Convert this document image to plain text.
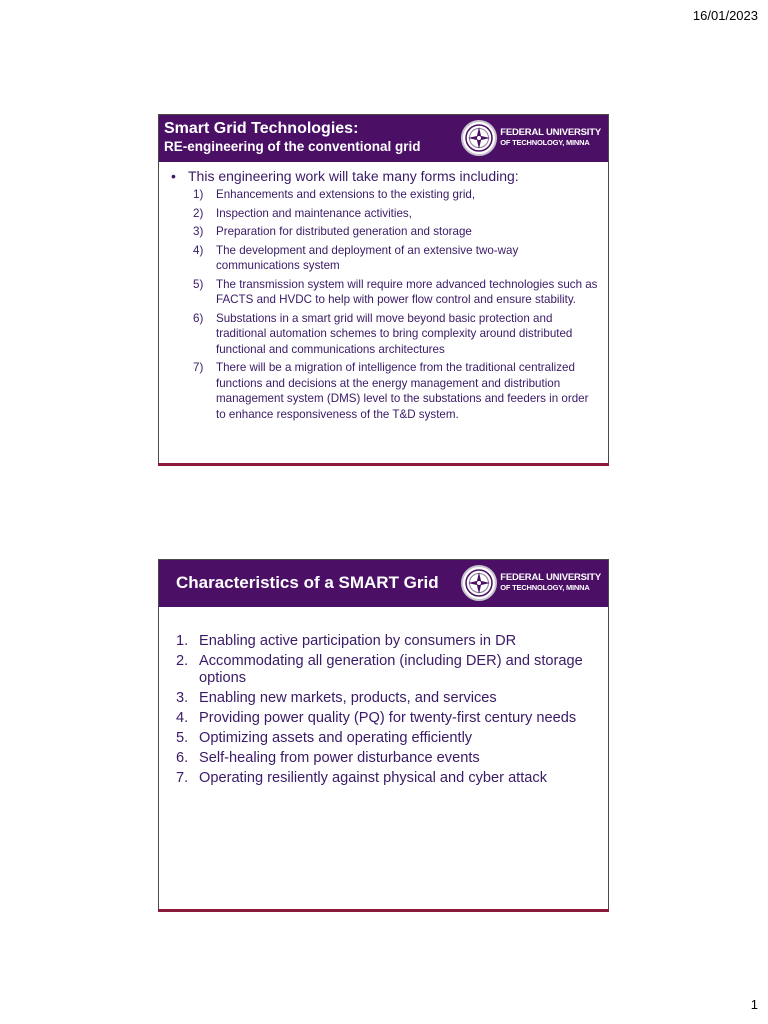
16/01/2023
Smart Grid Technologies:
RE-engineering of the conventional grid
FEDERAL UNIVERSITY
OF TECHNOLOGY, MINNA
• This engineering work will take many forms including:
1)	Enhancements and extensions to the existing grid,
2)	Inspection and maintenance activities,
3)	Preparation for distributed generation and storage
4)	The development and deployment of an extensive two-way communications system
5)	The transmission system will require more advanced technologies such as FACTS and HVDC to help with power flow control and ensure stability.
6)	Substations in a smart grid will move beyond basic protection and traditional automation schemes to bring complexity around distributed functional and communications architectures
7)	There will be a migration of intelligence from the traditional centralized functions and decisions at the energy management and distribution management system (DMS) level to the substations and feeders in order to enhance responsiveness of the T&D system.
Characteristics of a SMART Grid	FEDERAL UNIVERSITY
OF TECHNOLOGY, MINNA
1. Enabling active participation by consumers in DR
2. Accommodating all generation (including DER) and storage options
3. Enabling new markets, products, and services
4. Providing power quality (PQ) for twenty-first century needs
5. Optimizing assets and operating efficiently
6. Self-healing from power disturbance events
7. Operating resiliently against physical and cyber attack
1
